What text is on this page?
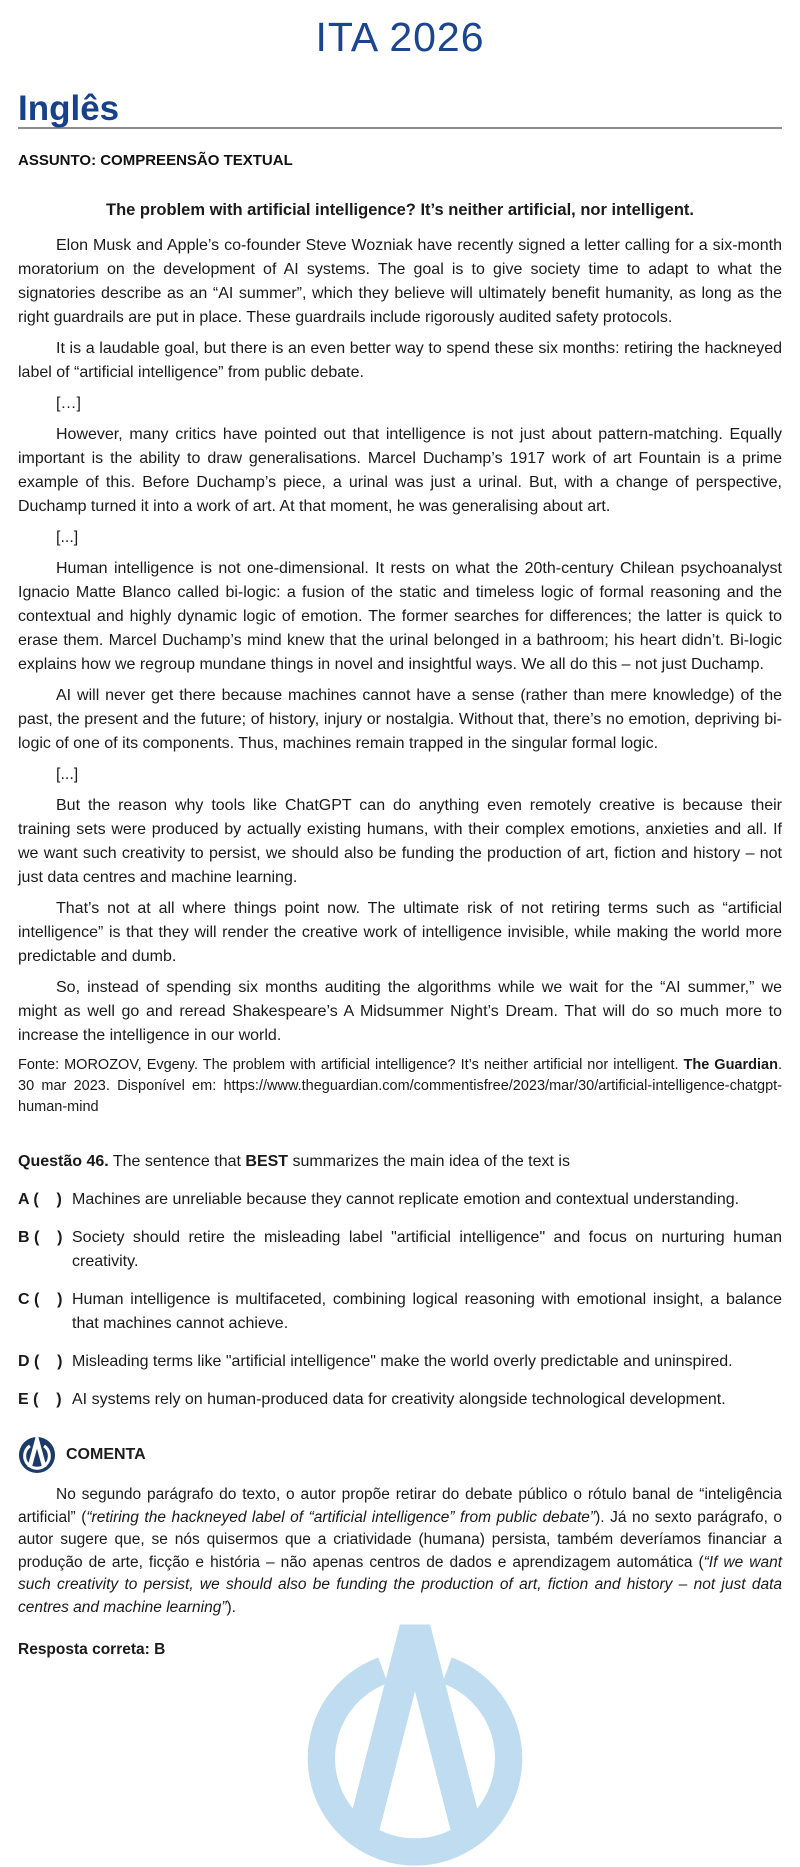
ITA 2026
Inglês
ASSUNTO: COMPREENSÃO TEXTUAL
The problem with artificial intelligence? It’s neither artificial, nor intelligent.
Elon Musk and Apple’s co-founder Steve Wozniak have recently signed a letter calling for a six-month moratorium on the development of AI systems. The goal is to give society time to adapt to what the signatories describe as an “AI summer”, which they believe will ultimately benefit humanity, as long as the right guardrails are put in place. These guardrails include rigorously audited safety protocols.
It is a laudable goal, but there is an even better way to spend these six months: retiring the hackneyed label of “artificial intelligence” from public debate.
[…]
However, many critics have pointed out that intelligence is not just about pattern-matching. Equally important is the ability to draw generalisations. Marcel Duchamp’s 1917 work of art Fountain is a prime example of this. Before Duchamp’s piece, a urinal was just a urinal. But, with a change of perspective, Duchamp turned it into a work of art. At that moment, he was generalising about art.
[...]
Human intelligence is not one-dimensional. It rests on what the 20th-century Chilean psychoanalyst Ignacio Matte Blanco called bi-logic: a fusion of the static and timeless logic of formal reasoning and the contextual and highly dynamic logic of emotion. The former searches for differences; the latter is quick to erase them. Marcel Duchamp’s mind knew that the urinal belonged in a bathroom; his heart didn’t. Bi-logic explains how we regroup mundane things in novel and insightful ways. We all do this – not just Duchamp.
AI will never get there because machines cannot have a sense (rather than mere knowledge) of the past, the present and the future; of history, injury or nostalgia. Without that, there’s no emotion, depriving bi-logic of one of its components. Thus, machines remain trapped in the singular formal logic.
[...]
But the reason why tools like ChatGPT can do anything even remotely creative is because their training sets were produced by actually existing humans, with their complex emotions, anxieties and all. If we want such creativity to persist, we should also be funding the production of art, fiction and history – not just data centres and machine learning.
That’s not at all where things point now. The ultimate risk of not retiring terms such as “artificial intelligence” is that they will render the creative work of intelligence invisible, while making the world more predictable and dumb.
So, instead of spending six months auditing the algorithms while we wait for the “AI summer,” we might as well go and reread Shakespeare’s A Midsummer Night’s Dream. That will do so much more to increase the intelligence in our world.
Fonte: MOROZOV, Evgeny. The problem with artificial intelligence? It’s neither artificial nor intelligent. The Guardian. 30 mar 2023. Disponível em: https://www.theguardian.com/commentisfree/2023/mar/30/artificial-intelligence-chatgpt-human-mind
Questão 46. The sentence that BEST summarizes the main idea of the text is
A (    ) Machines are unreliable because they cannot replicate emotion and contextual understanding.
B (    ) Society should retire the misleading label "artificial intelligence" and focus on nurturing human creativity.
C (    ) Human intelligence is multifaceted, combining logical reasoning with emotional insight, a balance that machines cannot achieve.
D (    ) Misleading terms like "artificial intelligence" make the world overly predictable and uninspired.
E (    ) AI systems rely on human-produced data for creativity alongside technological development.
COMENTA
No segundo parágrafo do texto, o autor propõe retirar do debate público o rótulo banal de “inteligência artificial” (“retiring the hackneyed label of “artificial intelligence” from public debate”). Já no sexto parágrafo, o autor sugere que, se nós quisermos que a criatividade (humana) persista, também deveríamos financiar a produção de arte, ficção e história – não apenas centros de dados e aprendizagem automática (“If we want such creativity to persist, we should also be funding the production of art, fiction and history – not just data centres and machine learning”).
Resposta correta: B
